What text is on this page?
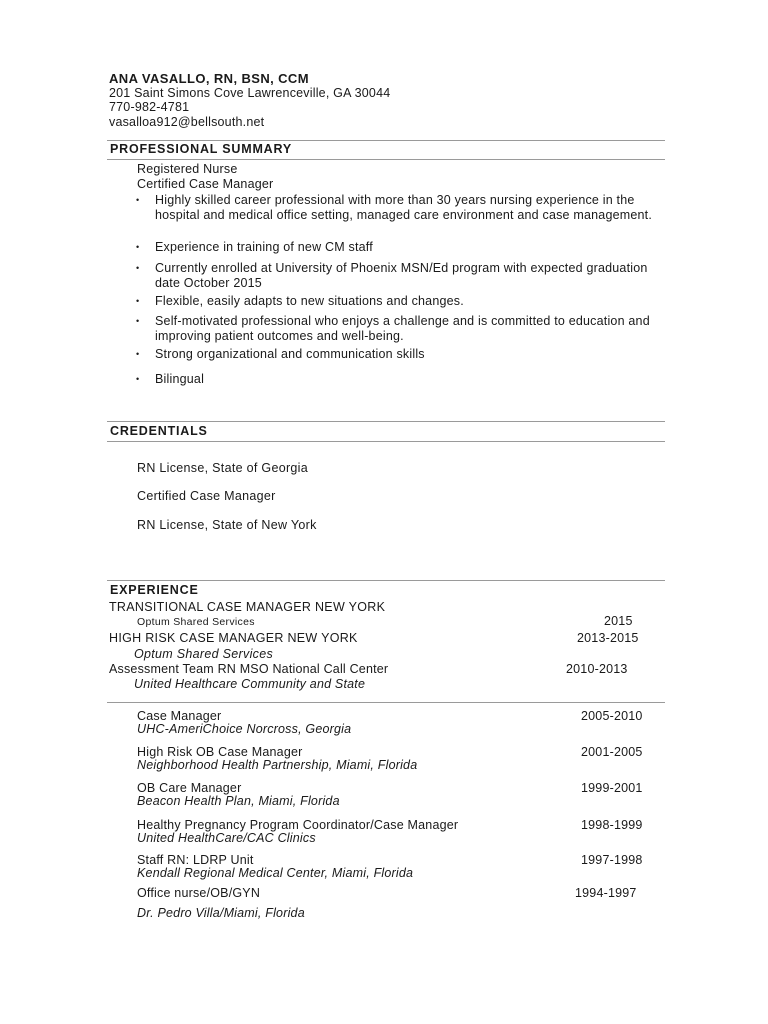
ANA VASALLO, RN, BSN, CCM
201 Saint Simons Cove Lawrenceville, GA 30044
770-982-4781
vasalloa912@bellsouth.net
PROFESSIONAL SUMMARY
Registered Nurse
Certified Case Manager
• Highly skilled career professional with more than 30 years nursing experience in the hospital and medical office setting, managed care environment and case management.
• Experience in training of new CM staff
• Currently enrolled at University of Phoenix MSN/Ed program with expected graduation date October 2015
• Flexible, easily adapts to new situations and changes.
• Self-motivated professional who enjoys a challenge and is committed to education and improving patient outcomes and well-being.
• Strong organizational and communication skills
• Bilingual
CREDENTIALS
RN License, State of Georgia
Certified Case Manager
RN License, State of New York
EXPERIENCE
TRANSITIONAL CASE MANAGER NEW YORK
Optum Shared Services	2015
HIGH RISK CASE MANAGER NEW YORK	2013-2015
Optum Shared Services
Assessment Team RN MSO National Call Center	2010-2013
United Healthcare Community and State
Case Manager	2005-2010
UHC-AmeriChoice Norcross, Georgia
High Risk OB Case Manager	2001-2005
Neighborhood Health Partnership, Miami, Florida
OB Care Manager	1999-2001
Beacon Health Plan, Miami, Florida
Healthy Pregnancy Program Coordinator/Case Manager	1998-1999
United HealthCare/CAC Clinics
Staff RN: LDRP Unit	1997-1998
Kendall Regional Medical Center, Miami, Florida
Office nurse/OB/GYN	1994-1997
Dr. Pedro Villa/Miami, Florida
